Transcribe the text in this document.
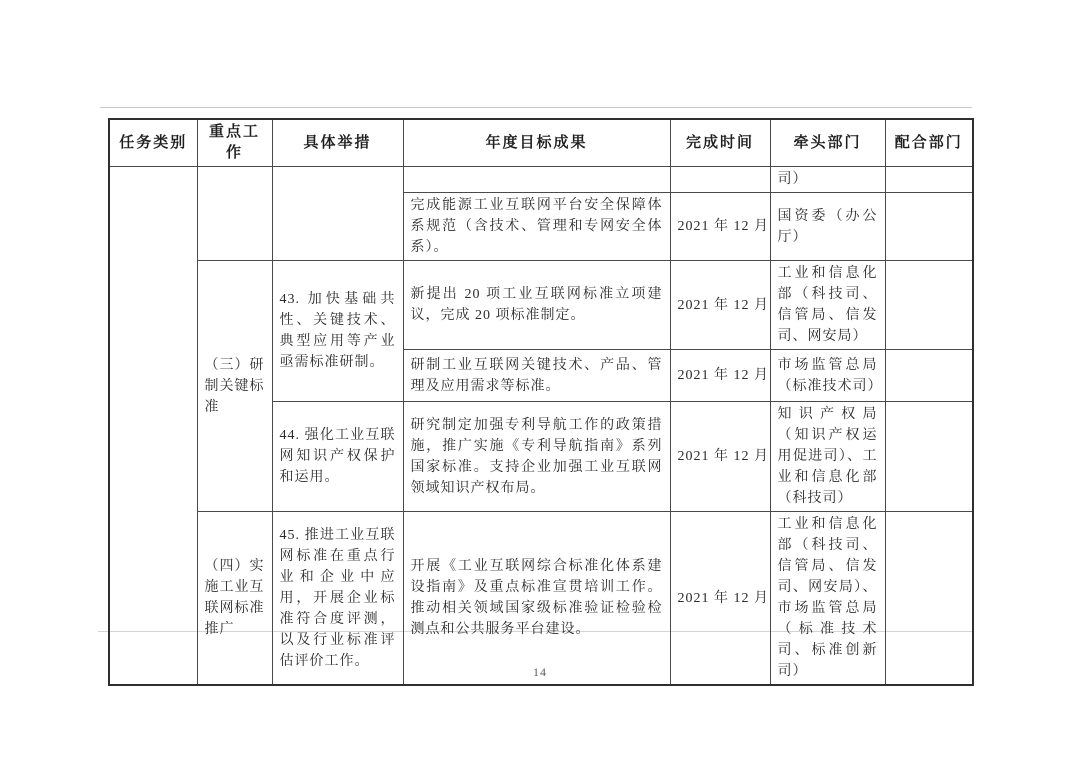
任务类别	重点工作	具体举措	年度目标成果	完成时间	牵头部门	配合部门
					司）	
			完成能源工业互联网平台安全保障体系规范（含技术、管理和专网安全体系）。	2021 年 12 月	国资委（办公厅）	
	（三）研制关键标准	43. 加快基础共性、关键技术、典型应用等产业亟需标准研制。	新提出 20 项工业互联网标准立项建议，完成 20 项标准制定。	2021 年 12 月	工业和信息化部（科技司、信管局、信发司、网安局）	
			研制工业互联网关键技术、产品、管理及应用需求等标准。	2021 年 12 月	市场监管总局（标准技术司）	
		44. 强化工业互联网知识产权保护和运用。	研究制定加强专利导航工作的政策措施，推广实施《专利导航指南》系列国家标准。支持企业加强工业互联网领域知识产权布局。	2021 年 12 月	知识产权局（知识产权运用促进司）、工业和信息化部（科技司）	
	（四）实施工业互联网标准推广	45. 推进工业互联网标准在重点行业和企业中应用，开展企业标准符合度评测，以及行业标准评估评价工作。	开展《工业互联网综合标准化体系建设指南》及重点标准宣贯培训工作。推动相关领域国家级标准验证检验检测点和公共服务平台建设。	2021 年 12 月	工业和信息化部（科技司、信管局、信发司、网安局）、市场监管总局（标准技术司、标准创新司）	
14
